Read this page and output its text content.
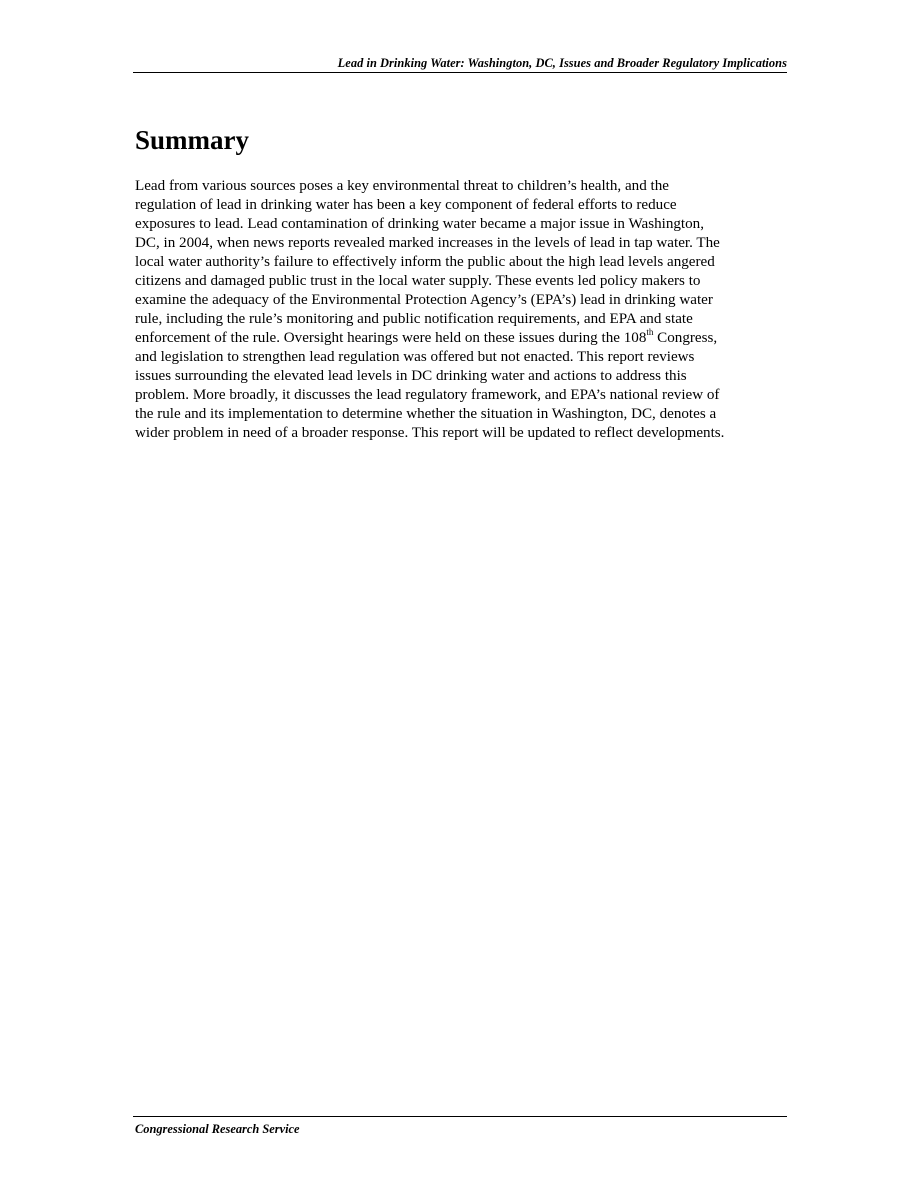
Lead in Drinking Water: Washington, DC, Issues and Broader Regulatory Implications
Summary

Lead from various sources poses a key environmental threat to children’s health, and the
regulation of lead in drinking water has been a key component of federal efforts to reduce
exposures to lead. Lead contamination of drinking water became a major issue in Washington,
DC, in 2004, when news reports revealed marked increases in the levels of lead in tap water. The
local water authority’s failure to effectively inform the public about the high lead levels angered
citizens and damaged public trust in the local water supply. These events led policy makers to
examine the adequacy of the Environmental Protection Agency’s (EPA’s) lead in drinking water
rule, including the rule’s monitoring and public notification requirements, and EPA and state
enforcement of the rule. Oversight hearings were held on these issues during the 108th Congress,
and legislation to strengthen lead regulation was offered but not enacted. This report reviews
issues surrounding the elevated lead levels in DC drinking water and actions to address this
problem. More broadly, it discusses the lead regulatory framework, and EPA’s national review of
the rule and its implementation to determine whether the situation in Washington, DC, denotes a
wider problem in need of a broader response. This report will be updated to reflect developments.

Congressional Research Service
